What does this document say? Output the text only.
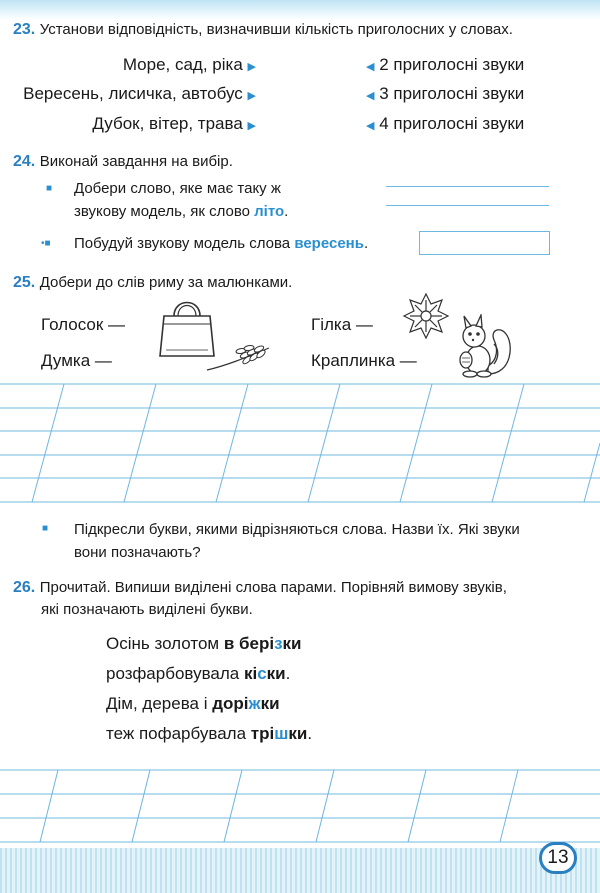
23. Установи відповідність, визначивши кількість приголосних у словах.
Море, сад, ріка ▶
Вересень, лисичка, автобус ▶
Дубок, вітер, трава ▶
◀ 2 приголосні звуки
◀ 3 приголосні звуки
◀ 4 приголосні звуки
24. Виконай завдання на вибір.
■ Добери слово, яке має таку ж
звукову модель, як слово літо.
•■ Побудуй звукову модель слова вересень.
25. Добери до слів риму за малюнками.
Голосок —
Думка —
Гілка —
Краплинка —
■ Підкресли букви, якими відрізняються слова. Назви їх. Які звуки
вони позначають?
26. Прочитай. Випиши виділені слова парами. Порівняй вимову звуків,
які позначають виділені букви.
Осінь золотом в берізки
розфарбовувала кіски.
Дім, дерева і доріжки
теж пофарбувала трішки.
13
